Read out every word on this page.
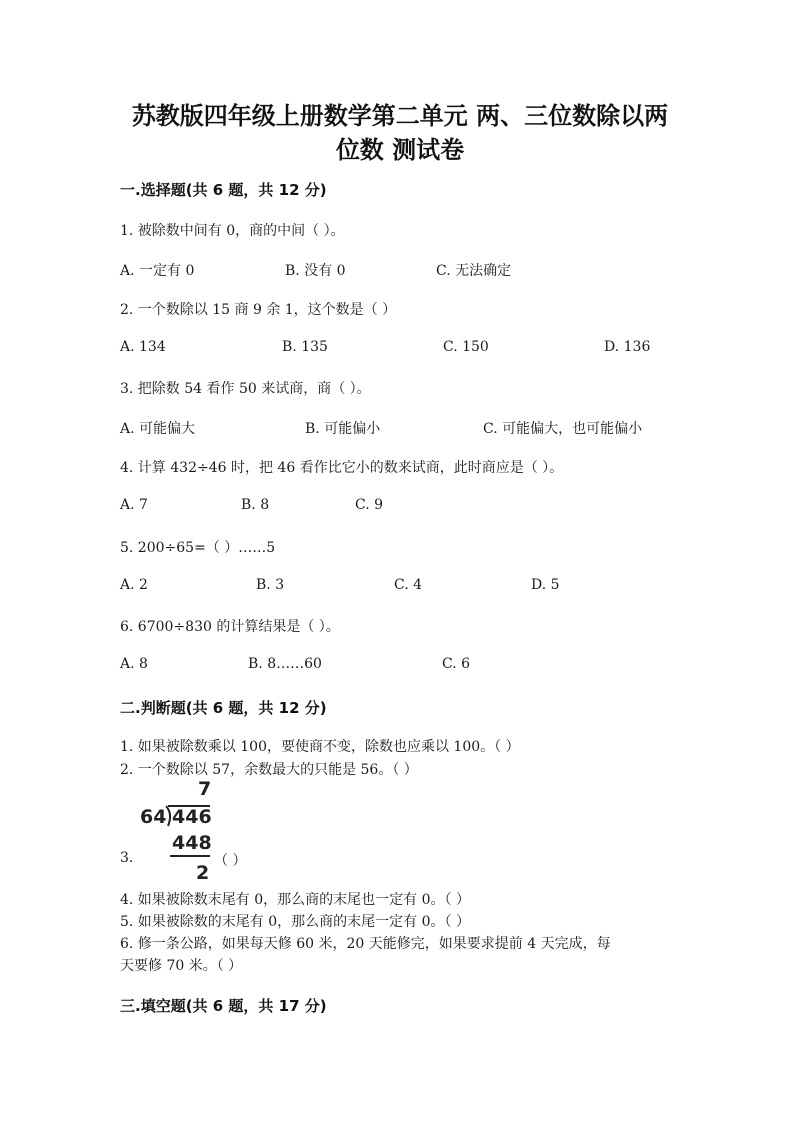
苏教版四年级上册数学第二单元 两、三位数除以两
位数 测试卷
一.选择题(共 6 题，共 12 分)
1. 被除数中间有 0，商的中间（ ）。
A. 一定有 0	B. 没有 0	C. 无法确定
2. 一个数除以 15 商 9 余 1，这个数是（ ）
A. 134	B. 135	C. 150	D. 136
3. 把除数 54 看作 50 来试商，商（ ）。
A. 可能偏大	B. 可能偏小	C. 可能偏大，也可能偏小
4. 计算 432÷46 时，把 46 看作比它小的数来试商，此时商应是（ ）。
A. 7	B. 8	C. 9
5. 200÷65=（ ）……5
A. 2	B. 3	C. 4	D. 5
6. 6700÷830 的计算结果是（ ）。
A. 8	B. 8……60	C. 6
二.判断题(共 6 题，共 12 分)
1. 如果被除数乘以 100，要使商不变，除数也应乘以 100。（ ）
2. 一个数除以 57，余数最大的只能是 56。（ ）
7
64 446
448
2
3.	（ ）
4. 如果被除数末尾有 0，那么商的末尾也一定有 0。（ ）
5. 如果被除数的末尾有 0，那么商的末尾一定有 0。（ ）
6. 修一条公路，如果每天修 60 米，20 天能修完，如果要求提前 4 天完成，每
天要修 70 米。（ ）
三.填空题(共 6 题，共 17 分)
